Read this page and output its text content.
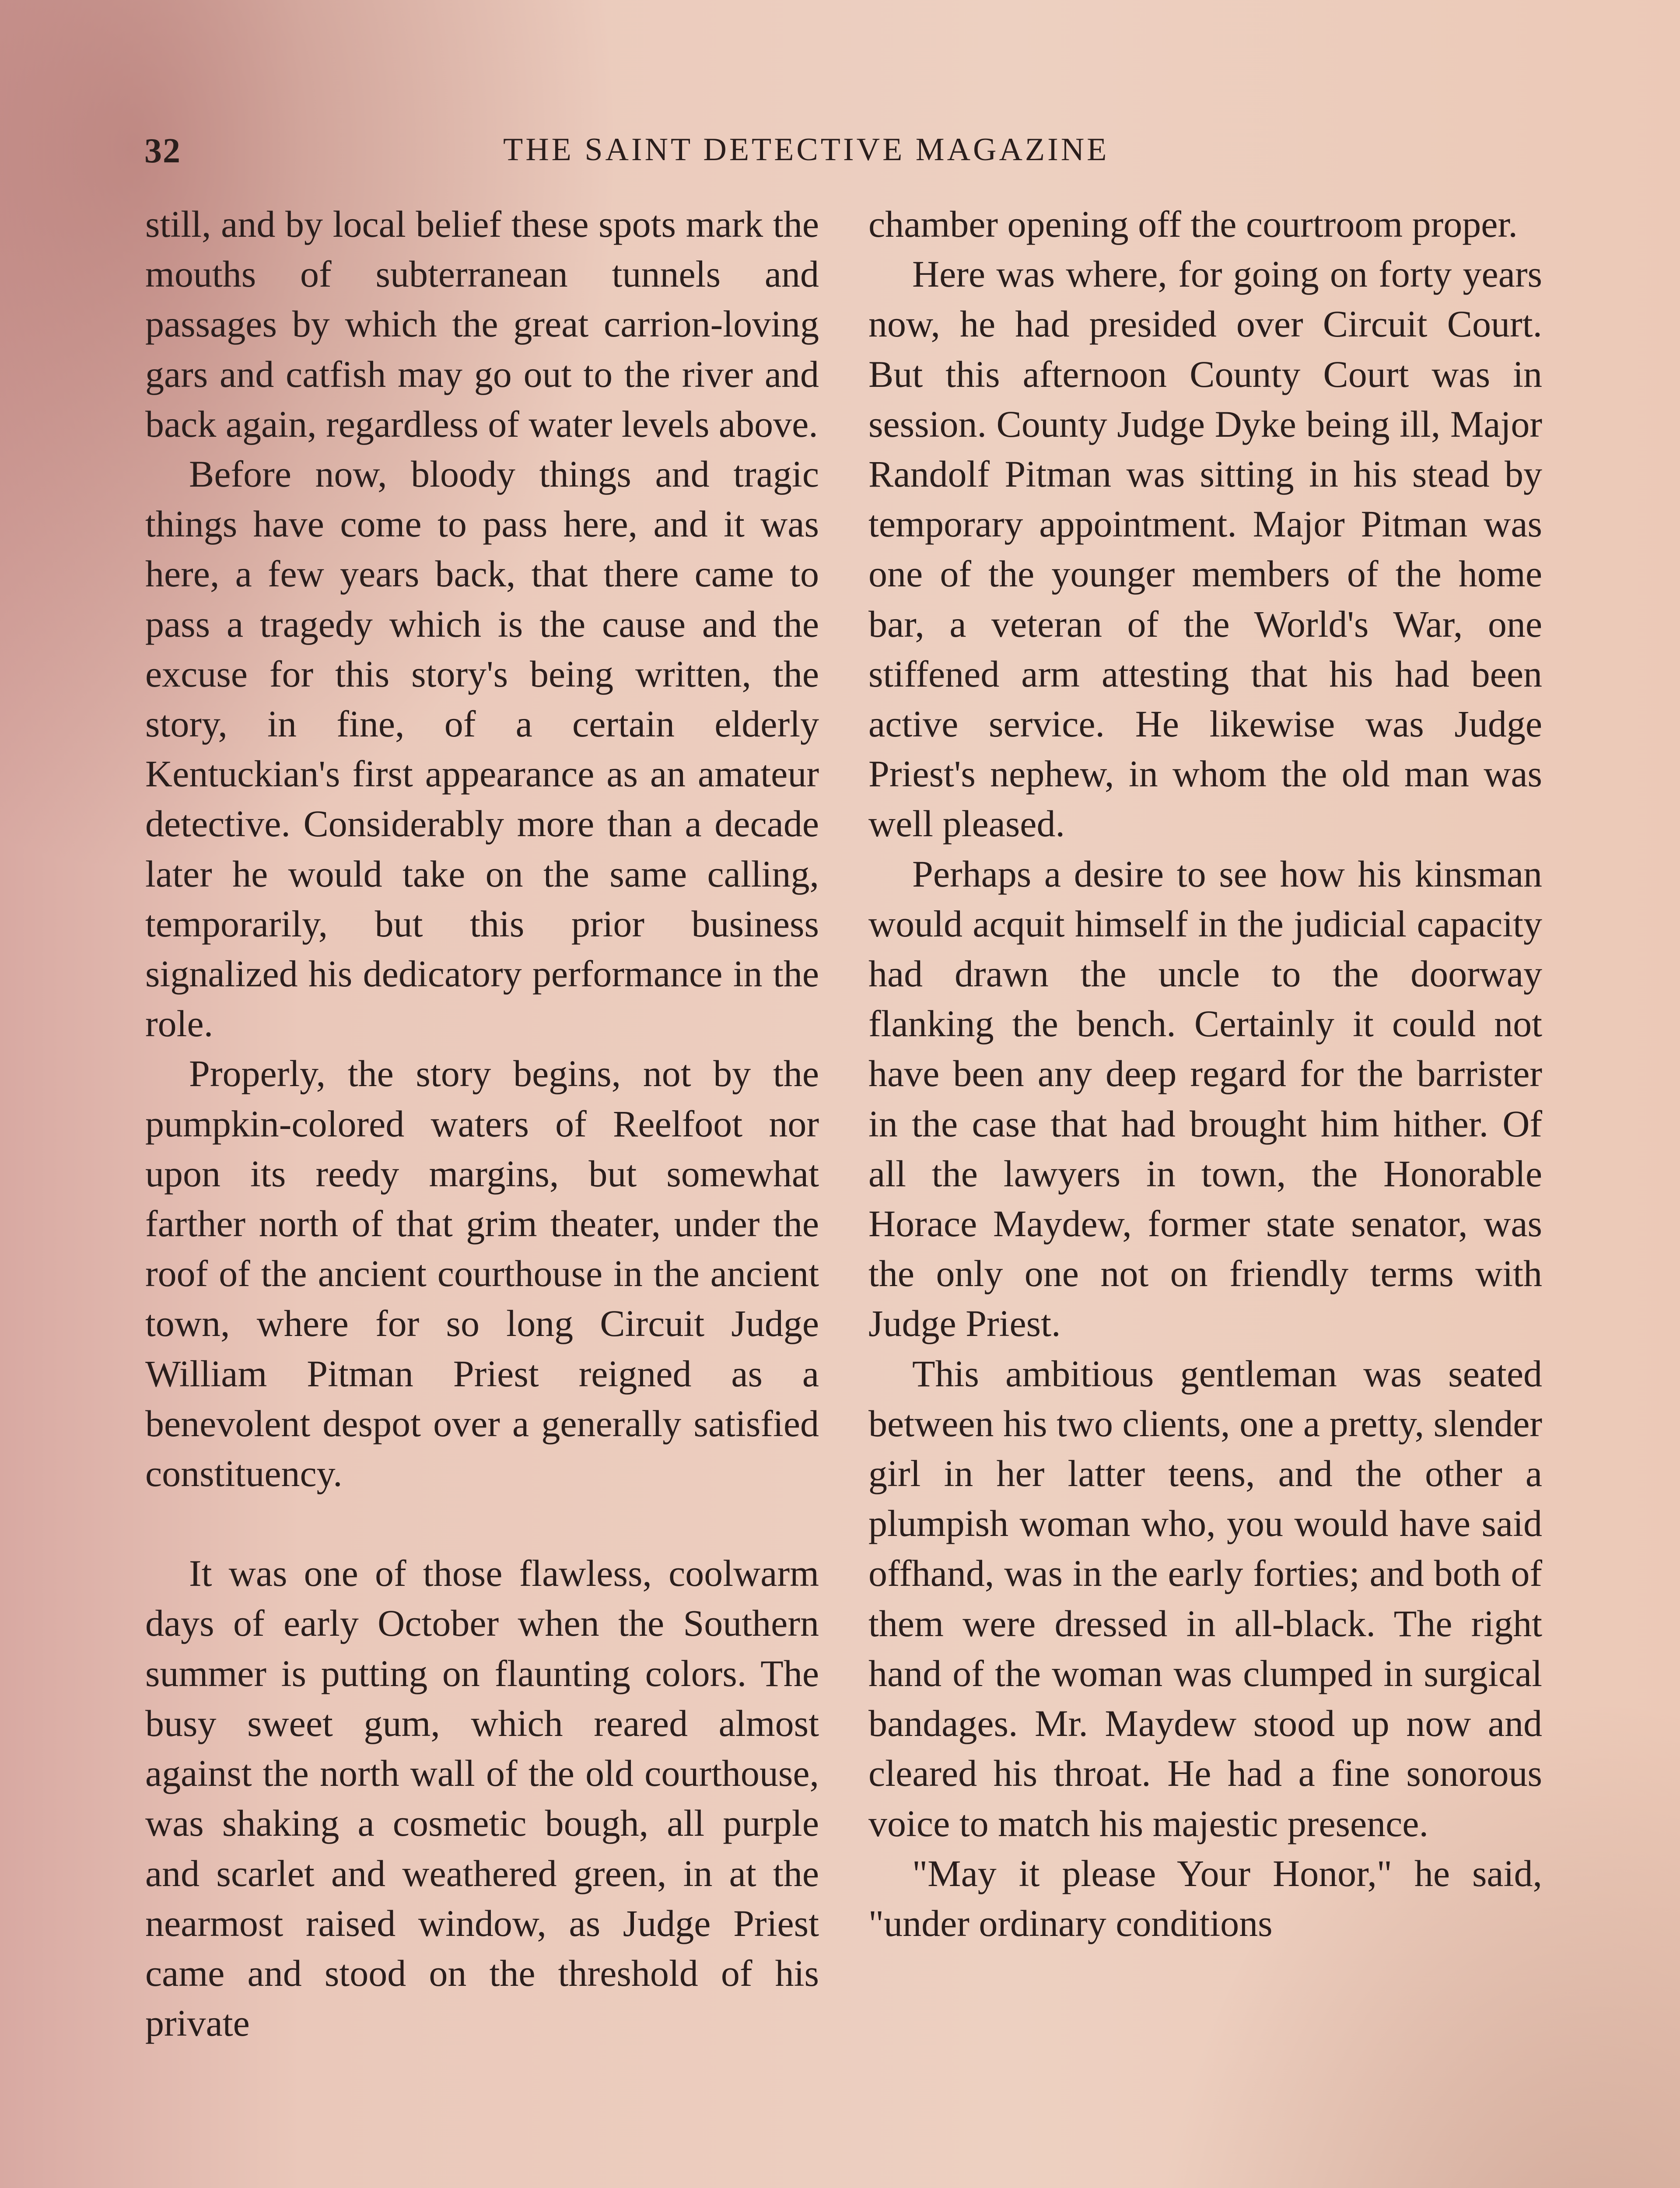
32	THE SAINT DETECTIVE MAGAZINE

still, and by local belief these spots mark the mouths of subterranean tunnels and passages by which the great carrion-loving gars and catfish may go out to the river and back again, regardless of water levels above.

Before now, bloody things and tragic things have come to pass here, and it was here, a few years back, that there came to pass a tragedy which is the cause and the excuse for this story's being written, the story, in fine, of a certain elderly Kentuckian's first appearance as an amateur detective. Considerably more than a decade later he would take on the same calling, temporarily, but this prior business signalized his dedicatory performance in the role.

Properly, the story begins, not by the pumpkin-colored waters of Reelfoot nor upon its reedy margins, but somewhat farther north of that grim theater, under the roof of the ancient courthouse in the ancient town, where for so long Circuit Judge William Pitman Priest reigned as a benevolent despot over a generally satisfied constituency.

It was one of those flawless, coolwarm days of early October when the Southern summer is putting on flaunting colors. The busy sweet gum, which reared almost against the north wall of the old courthouse, was shaking a cosmetic bough, all purple and scarlet and weathered green, in at the nearmost raised window, as Judge Priest came and stood on the threshold of his private

chamber opening off the courtroom proper.

Here was where, for going on forty years now, he had presided over Circuit Court. But this afternoon County Court was in session. County Judge Dyke being ill, Major Randolf Pitman was sitting in his stead by temporary appointment. Major Pitman was one of the younger members of the home bar, a veteran of the World's War, one stiffened arm attesting that his had been active service. He likewise was Judge Priest's nephew, in whom the old man was well pleased.

Perhaps a desire to see how his kinsman would acquit himself in the judicial capacity had drawn the uncle to the doorway flanking the bench. Certainly it could not have been any deep regard for the barrister in the case that had brought him hither. Of all the lawyers in town, the Honorable Horace Maydew, former state senator, was the only one not on friendly terms with Judge Priest.

This ambitious gentleman was seated between his two clients, one a pretty, slender girl in her latter teens, and the other a plumpish woman who, you would have said offhand, was in the early forties; and both of them were dressed in all-black. The right hand of the woman was clumped in surgical bandages. Mr. Maydew stood up now and cleared his throat. He had a fine sonorous voice to match his majestic presence.

"May it please Your Honor," he said, "under ordinary conditions
